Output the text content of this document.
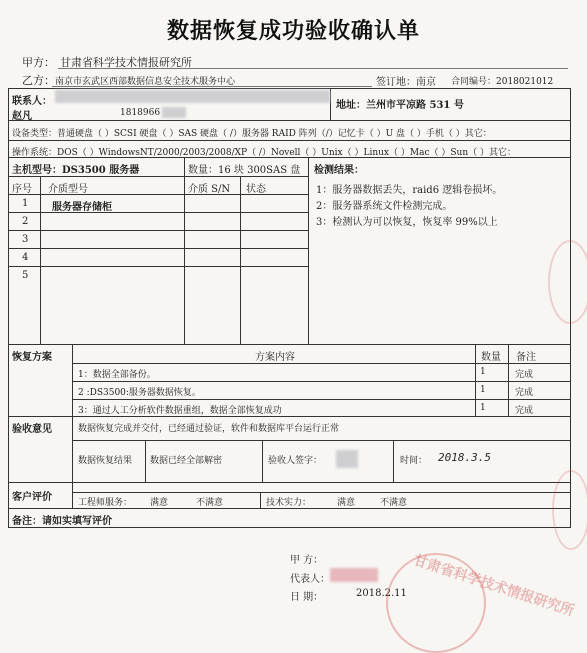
数据恢复成功验收确认单
甲方： 甘肃省科学技术情报研究所
乙方： 南京市玄武区西部数据信息安全技术服务中心	签订地：南京 合同编号：2018021012
联系人：
赵凡	1818966
地址：兰州市平凉路 531 号
设备类型：普通硬盘（ ）SCSI 硬盘（ ）SAS 硬盘（ /）服务器 RAID 阵列（/）记忆卡（ ）U 盘（ ）手机（ ）其它：
操作系统：DOS（ ）WindowsNT/2000/2003/2008/XP（ /）Novell（ ）Unix（ ）Linux（ ）Mac（ ）Sun（ ）其它：
主机型号：DS3500 服务器	数量：16 块 300SAS 盘 检测结果：
1：服务器数据丢失，raid6 逻辑卷损坏。
2：服务器系统文件检测完成。
3：检测认为可以恢复，恢复率 99%以上
序号 介质型号	介质 S/N 状态
1 服务器存储柜
2
3
4
5
恢复方案	方案内容	数量 备注
1：数据全部备份。	1	完成
2 :DS3500:服务器数据恢复。	1	完成
3：通过人工分析软件数据重组，数据全部恢复成功	1	完成
验收意见	数据恢复完成并交付，已经通过验证，软件和数据库平台运行正常
数据恢复结果 数据已经全部解密	验收人签字：	时间： 2018.3.5
客户评价	工程师服务： 满意	不满意	技术实力：	满意	不满意
备注：请如实填写评价
甲 方：
代表人：
日 期：	2018.2.11 甘肃省科学技术情报研究所
